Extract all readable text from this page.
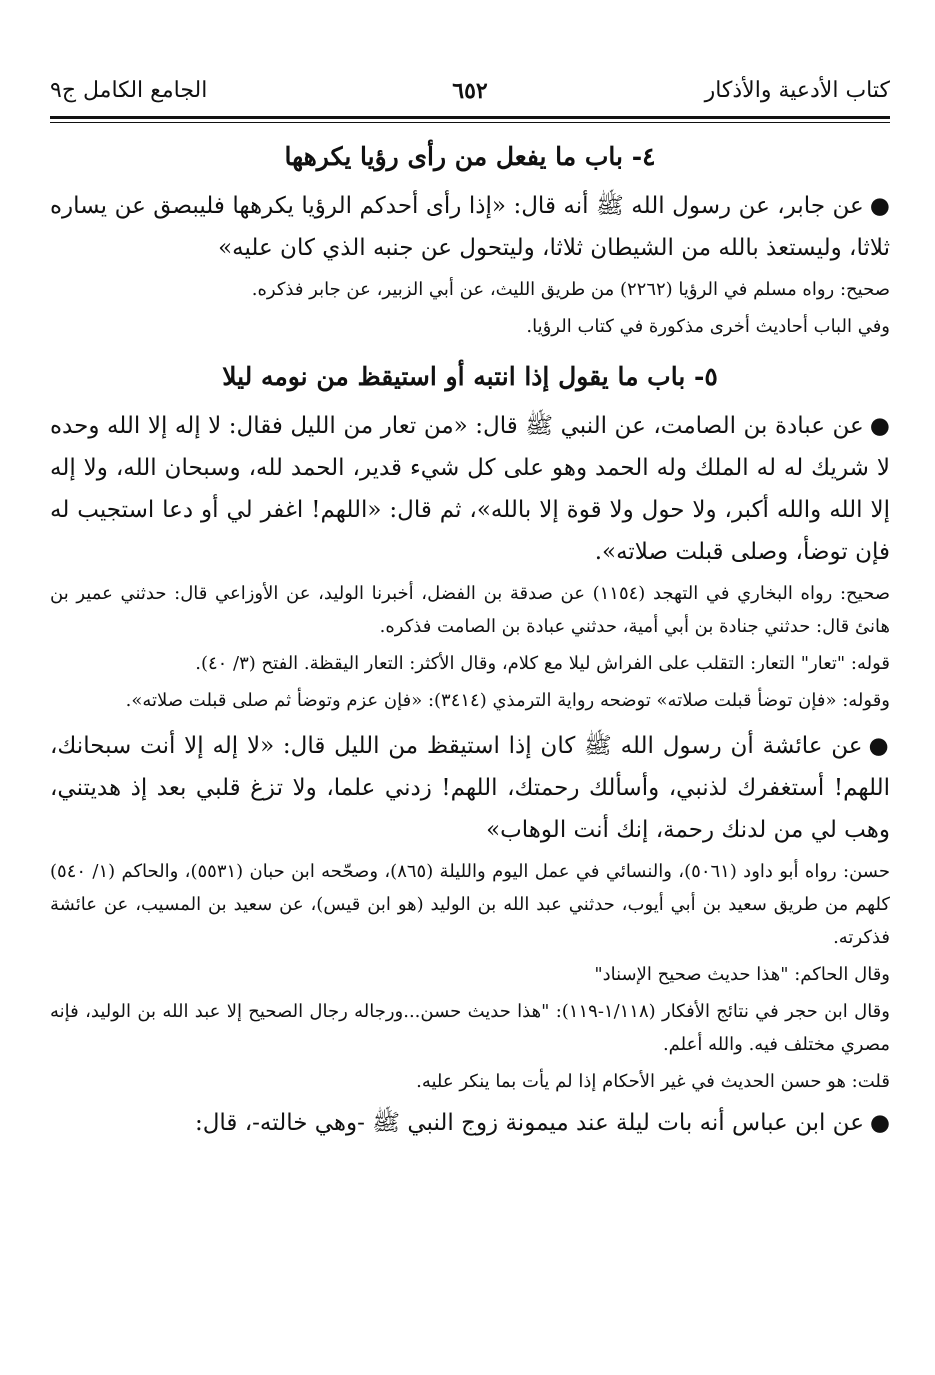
كتاب الأدعية والأذكار
٦٥٢
الجامع الكامل ج٩
٤- باب ما يفعل من رأى رؤيا يكرهها

●عن جابر، عن رسول الله ﷺ أنه قال: «إذا رأى أحدكم الرؤيا يكرهها فليبصق عن يساره ثلاثا، وليستعذ بالله من الشيطان ثلاثا، وليتحول عن جنبه الذي كان عليه»

صحيح: رواه مسلم في الرؤيا (٢٢٦٢) من طريق الليث، عن أبي الزبير، عن جابر فذكره.

وفي الباب أحاديث أخرى مذكورة في كتاب الرؤيا.

٥- باب ما يقول إذا انتبه أو استيقظ من نومه ليلا

●عن عبادة بن الصامت، عن النبي ﷺ قال: «من تعار من الليل فقال: لا إله إلا الله وحده لا شريك له له الملك وله الحمد وهو على كل شيء قدير، الحمد لله، وسبحان الله، ولا إله إلا الله والله أكبر، ولا حول ولا قوة إلا بالله»، ثم قال: «اللهم! اغفر لي أو دعا استجيب له فإن توضأ، وصلى قبلت صلاته».

صحيح: رواه البخاري في التهجد (١١٥٤) عن صدقة بن الفضل، أخبرنا الوليد، عن الأوزاعي قال: حدثني عمير بن هانئ قال: حدثني جنادة بن أبي أمية، حدثني عبادة بن الصامت فذكره.

قوله: "تعار" التعار: التقلب على الفراش ليلا مع كلام، وقال الأكثر: التعار اليقظة. الفتح (٣/ ٤٠).

وقوله: «فإن توضأ قبلت صلاته» توضحه رواية الترمذي (٣٤١٤): «فإن عزم وتوضأ ثم صلى قبلت صلاته».

●عن عائشة أن رسول الله ﷺ كان إذا استيقظ من الليل قال: «لا إله إلا أنت سبحانك، اللهم! أستغفرك لذنبي، وأسألك رحمتك، اللهم! زدني علما، ولا تزغ قلبي بعد إذ هديتني، وهب لي من لدنك رحمة، إنك أنت الوهاب»

حسن: رواه أبو داود (٥٠٦١)، والنسائي في عمل اليوم والليلة (٨٦٥)، وصحّحه ابن حبان (٥٥٣١)، والحاكم (١/ ٥٤٠) كلهم من طريق سعيد بن أبي أيوب، حدثني عبد الله بن الوليد (هو ابن قيس)، عن سعيد بن المسيب، عن عائشة فذكرته.

وقال الحاكم: "هذا حديث صحيح الإسناد"

وقال ابن حجر في نتائج الأفكار (١/١١٨-١١٩): "هذا حديث حسن...ورجاله رجال الصحيح إلا عبد الله بن الوليد، فإنه مصري مختلف فيه. والله أعلم.

قلت: هو حسن الحديث في غير الأحكام إذا لم يأت بما ينكر عليه.

●عن ابن عباس أنه بات ليلة عند ميمونة زوج النبي ﷺ -وهي خالته-، قال:
